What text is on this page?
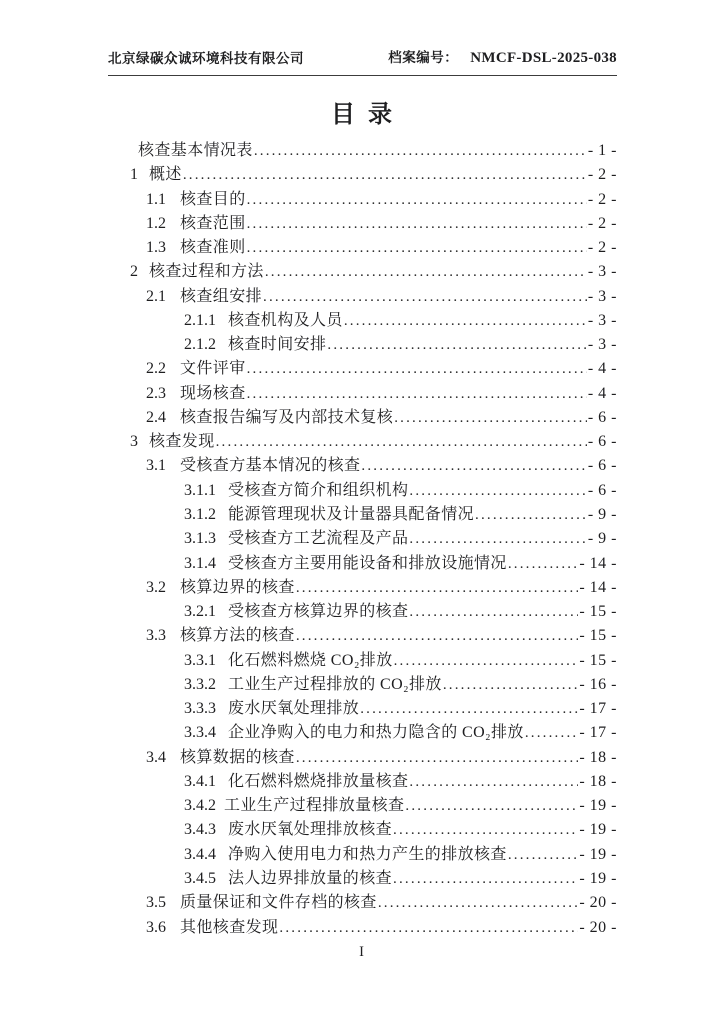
北京绿碳众诚环境科技有限公司	档案编号： NMCF-DSL-2025-038
目录
核查基本情况表 .....	- 1 -
1 概述 .....	- 2 -
1.1 核查目的 .....	- 2 -
1.2 核查范围 .....	- 2 -
1.3 核查准则 .....	- 2 -
2 核查过程和方法 .....	- 3 -
2.1 核查组安排 .....	- 3 -
2.1.1 核查机构及人员 .....	- 3 -
2.1.2 核查时间安排 .....	- 3 -
2.2 文件评审 .....	- 4 -
2.3 现场核查 .....	- 4 -
2.4 核查报告编写及内部技术复核 .....	- 6 -
3 核查发现 .....	- 6 -
3.1 受核查方基本情况的核查 .....	- 6 -
3.1.1 受核查方简介和组织机构 .....	- 6 -
3.1.2 能源管理现状及计量器具配备情况 .....	- 9 -
3.1.3 受核查方工艺流程及产品 .....	- 9 -
3.1.4 受核查方主要用能设备和排放设施情况 .....	- 14 -
3.2 核算边界的核查 .....	- 14 -
3.2.1 受核查方核算边界的核查 .....	- 15 -
3.3 核算方法的核查 .....	- 15 -
3.3.1 化石燃料燃烧 CO₂排放 .....	- 15 -
3.3.2 工业生产过程排放的 CO₂排放 .....	- 16 -
3.3.3 废水厌氧处理排放 .....	- 17 -
3.3.4 企业净购入的电力和热力隐含的 CO₂排放 .....	- 17 -
3.4 核算数据的核查 .....	- 18 -
3.4.1 化石燃料燃烧排放量核查 .....	- 18 -
3.4.2 工业生产过程排放量核查 .....	- 19 -
3.4.3 废水厌氧处理排放核查 .....	- 19 -
3.4.4 净购入使用电力和热力产生的排放核查 .....	- 19 -
3.4.5 法人边界排放量的核查 .....	- 19 -
3.5 质量保证和文件存档的核查 .....	- 20 -
3.6 其他核查发现 .....	- 20 -
I
